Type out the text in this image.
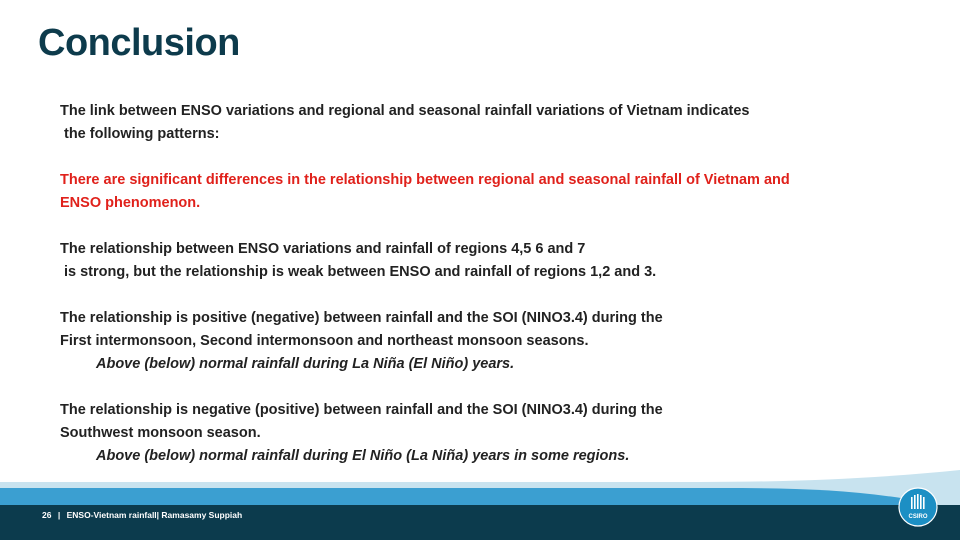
Conclusion

The link between ENSO variations and regional and seasonal rainfall variations of Vietnam indicates

the following patterns:

There are significant differences in the relationship between regional and seasonal rainfall of Vietnam and

ENSO phenomenon.

The relationship between ENSO variations and rainfall of regions 4,5 6 and 7

is strong, but the relationship is weak between ENSO and rainfall of regions 1,2 and 3.

The relationship is positive (negative) between rainfall and the SOI (NINO3.4) during the

First intermonsoon, Second intermonsoon and northeast monsoon seasons.

Above (below) normal rainfall during La Niña (El Niño) years.

The relationship is negative (positive) between rainfall and the SOI (NINO3.4) during the

Southwest monsoon season.

Above (below) normal rainfall during El Niño (La Niña) years in some regions.

26 | ENSO-Vietnam rainfall| Ramasamy Suppiah	CSIRO
